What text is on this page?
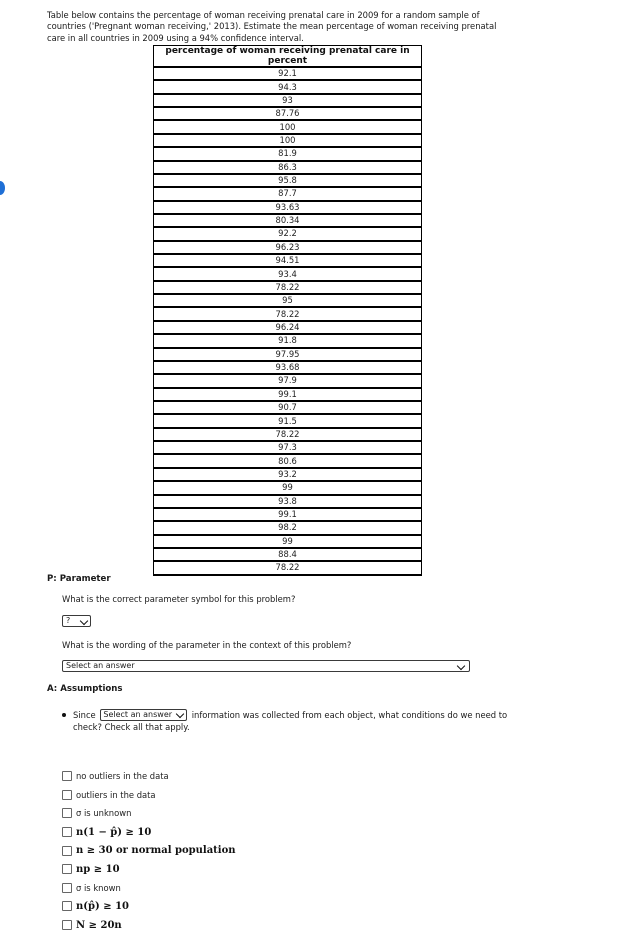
Table below contains the percentage of woman receiving prenatal care in 2009 for a random sample of countries ('Pregnant woman receiving,' 2013). Estimate the mean percentage of woman receiving prenatal care in all countries in 2009 using a 94% confidence interval.
percentage of woman receiving prenatal care in percent
92.1
94.3
93
87.76
100
100
81.9
86.3
95.8
87.7
93.63
80.34
92.2
96.23
94.51
93.4
78.22
95
78.22
96.24
91.8
97.95
93.68
97.9
99.1
90.7
91.5
78.22
97.3
80.6
93.2
99
93.8
99.1
98.2
99
88.4
78.22
P: Parameter
What is the correct parameter symbol for this problem?
?
What is the wording of the parameter in the context of this problem?
Select an answer
A: Assumptions
Since Select an answer information was collected from each object, what conditions do we need to check? Check all that apply.
no outliers in the data
outliers in the data
σ is unknown
n(1 − p̂) ≥ 10
n ≥ 30 or normal population
np ≥ 10
σ is known
n(p̂) ≥ 10
N ≥ 20n
